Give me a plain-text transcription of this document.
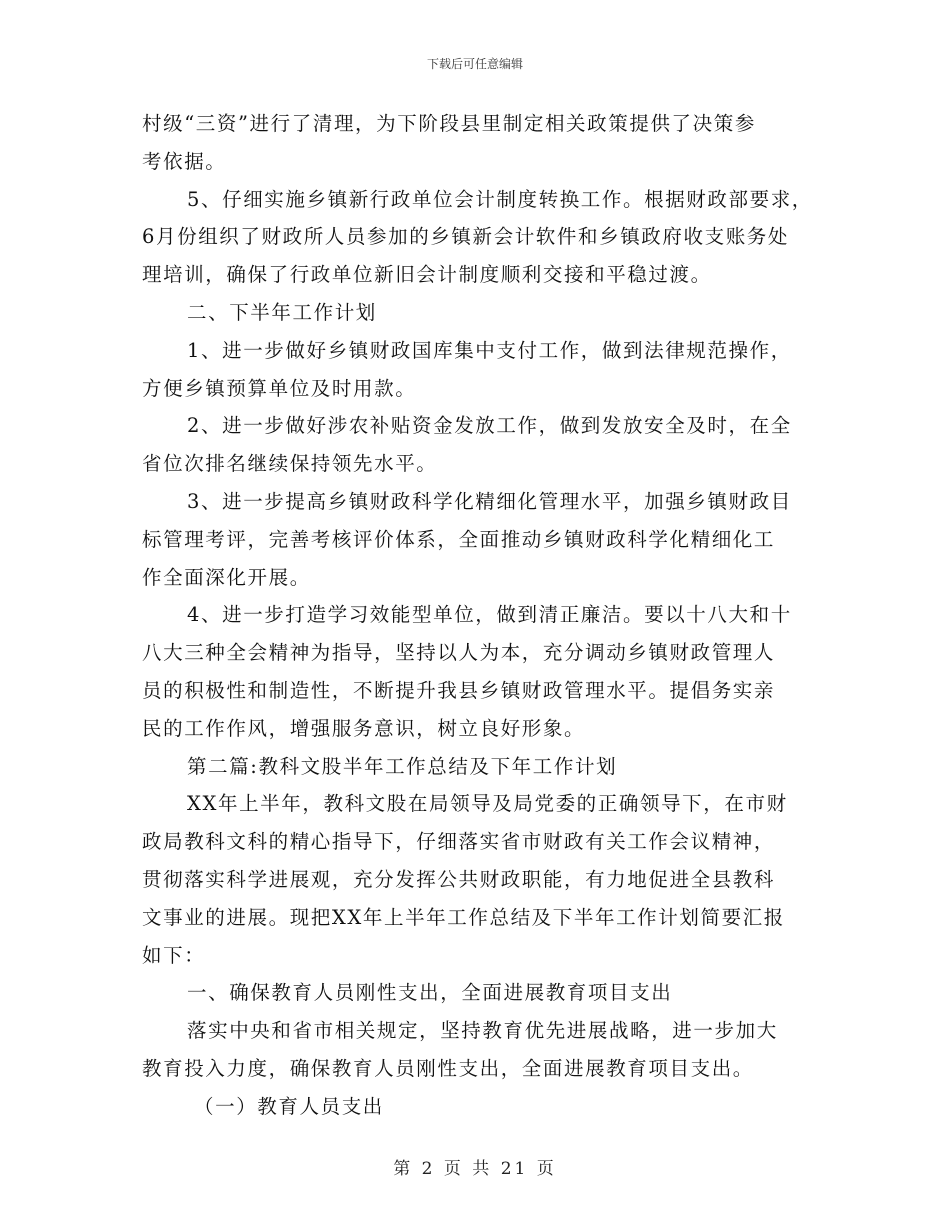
下载后可任意编辑
村级“三资”进行了清理，为下阶段县里制定相关政策提供了决策参
考依据。
5、仔细实施乡镇新行政单位会计制度转换工作。根据财政部要求，
6月份组织了财政所人员参加的乡镇新会计软件和乡镇政府收支账务处
理培训，确保了行政单位新旧会计制度顺利交接和平稳过渡。
二、下半年工作计划
1、进一步做好乡镇财政国库集中支付工作，做到法律规范操作，
方便乡镇预算单位及时用款。
2、进一步做好涉农补贴资金发放工作，做到发放安全及时，在全
省位次排名继续保持领先水平。
3、进一步提高乡镇财政科学化精细化管理水平，加强乡镇财政目
标管理考评，完善考核评价体系，全面推动乡镇财政科学化精细化工
作全面深化开展。
4、进一步打造学习效能型单位，做到清正廉洁。要以十八大和十
八大三种全会精神为指导，坚持以人为本，充分调动乡镇财政管理人
员的积极性和制造性，不断提升我县乡镇财政管理水平。提倡务实亲
民的工作作风，增强服务意识，树立良好形象。
第二篇:教科文股半年工作总结及下年工作计划
XX年上半年，教科文股在局领导及局党委的正确领导下，在市财
政局教科文科的精心指导下，仔细落实省市财政有关工作会议精神，
贯彻落实科学进展观，充分发挥公共财政职能，有力地促进全县教科
文事业的进展。现把XX年上半年工作总结及下半年工作计划简要汇报
如下：
一、确保教育人员刚性支出，全面进展教育项目支出
落实中央和省市相关规定，坚持教育优先进展战略，进一步加大
教育投入力度，确保教育人员刚性支出，全面进展教育项目支出。
（一）教育人员支出
第 2 页 共 21 页
